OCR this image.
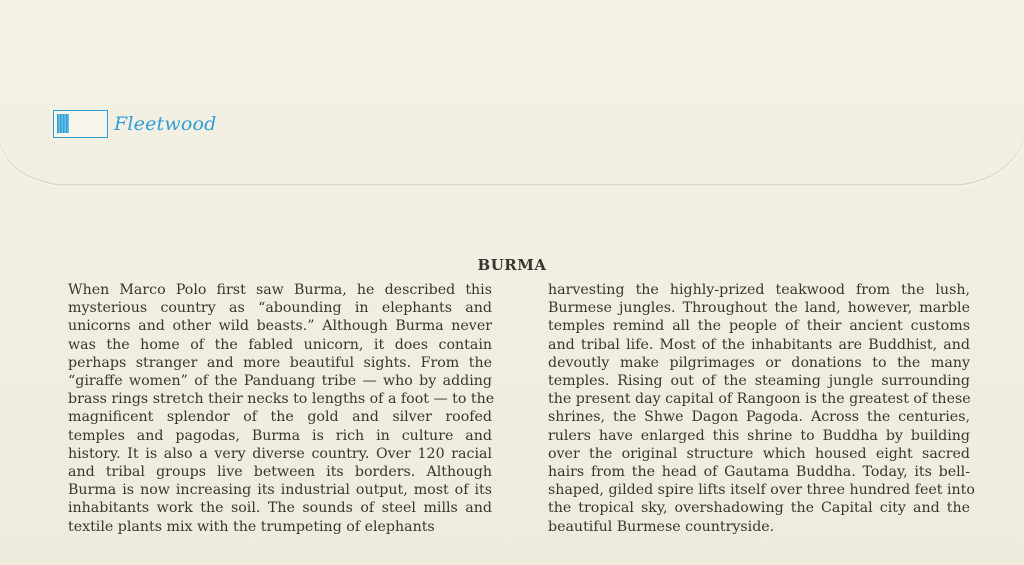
Fleetwood
BURMA
When Marco Polo first saw Burma, he described this
mysterious country as “abounding in elephants and
unicorns and other wild beasts.” Although Burma never
was the home of the fabled unicorn, it does contain
perhaps stranger and more beautiful sights. From the
“giraffe women” of the Panduang tribe — who by adding
brass rings stretch their necks to lengths of a foot — to the
magnificent splendor of the gold and silver roofed
temples and pagodas, Burma is rich in culture and
history. It is also a very diverse country. Over 120 racial
and tribal groups live between its borders. Although
Burma is now increasing its industrial output, most of its
inhabitants work the soil. The sounds of steel mills and
textile plants mix with the trumpeting of elephants
harvesting the highly-prized teakwood from the lush,
Burmese jungles. Throughout the land, however, marble
temples remind all the people of their ancient customs
and tribal life. Most of the inhabitants are Buddhist, and
devoutly make pilgrimages or donations to the many
temples. Rising out of the steaming jungle surrounding
the present day capital of Rangoon is the greatest of these
shrines, the Shwe Dagon Pagoda. Across the centuries,
rulers have enlarged this shrine to Buddha by building
over the original structure which housed eight sacred
hairs from the head of Gautama Buddha. Today, its bell-
shaped, gilded spire lifts itself over three hundred feet into
the tropical sky, overshadowing the Capital city and the
beautiful Burmese countryside.
